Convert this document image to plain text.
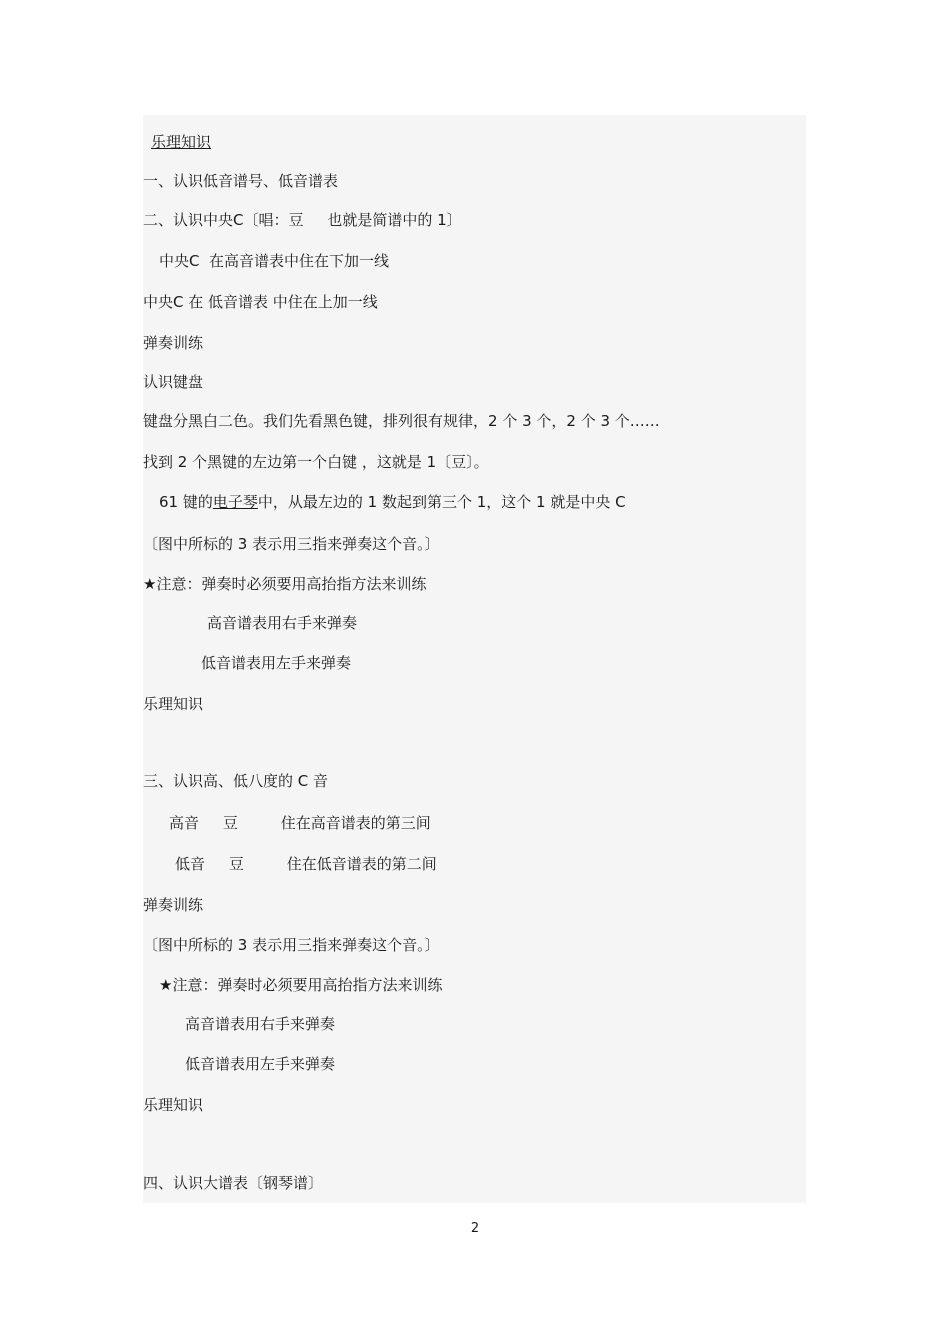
乐理知识
一、认识低音谱号、低音谱表
二、认识中央C〔唱：豆     也就是简谱中的 1〕
中央C  在高音谱表中住在下加一线
中央C 在 低音谱表 中住在上加一线
弹奏训练
认识键盘
键盘分黑白二色。我们先看黑色键，排列很有规律，2 个 3 个，2 个 3 个……
找到 2 个黑键的左边第一个白键 ，这就是 1〔豆〕。
61 键的电子琴中，从最左边的 1 数起到第三个 1，这个 1 就是中央 C
〔图中所标的 3 表示用三指来弹奏这个音。〕
★注意：弹奏时必须要用高抬指方法来训练
高音谱表用右手来弹奏
低音谱表用左手来弹奏
乐理知识
三、认识高、低八度的 C 音
高音     豆         住在高音谱表的第三间
低音     豆         住在低音谱表的第二间
弹奏训练
〔图中所标的 3 表示用三指来弹奏这个音。〕
★注意：弹奏时必须要用高抬指方法来训练
高音谱表用右手来弹奏
低音谱表用左手来弹奏
乐理知识
四、认识大谱表〔钢琴谱〕
2
